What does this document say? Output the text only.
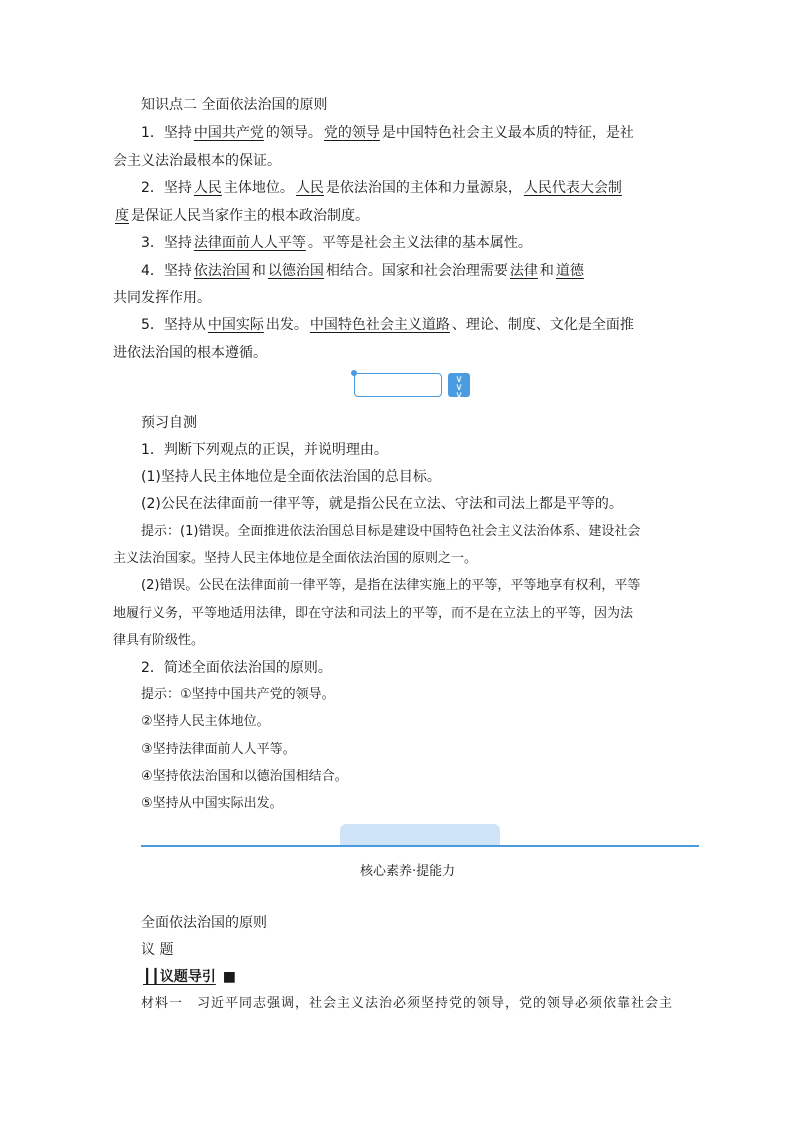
知识点二 全面依法治国的原则
1．坚持 中国共产党 的领导。 党的领导 是中国特色社会主义最本质的特征，是社
会主义法治最根本的保证。
2．坚持 人民 主体地位。 人民 是依法治国的主体和力量源泉， 人民代表大会制
度 是保证人民当家作主的根本政治制度。
3．坚持 法律面前人人平等 。平等是社会主义法律的基本属性。
4．坚持 依法治国 和 以德治国 相结合。国家和社会治理需要 法律 和 道德
共同发挥作用。
5．坚持从 中国实际 出发。 中国特色社会主义道路 、理论、制度、文化是全面推
进依法治国的根本遵循。
∨
∨
∨
预习自测
1．判断下列观点的正误，并说明理由。
(1)坚持人民主体地位是全面依法治国的总目标。
(2)公民在法律面前一律平等，就是指公民在立法、守法和司法上都是平等的。
提示：(1)错误。全面推进依法治国总目标是建设中国特色社会主义法治体系、建设社会
主义法治国家。坚持人民主体地位是全面依法治国的原则之一。
(2)错误。公民在法律面前一律平等，是指在法律实施上的平等，平等地享有权利，平等
地履行义务，平等地适用法律，即在守法和司法上的平等，而不是在立法上的平等，因为法
律具有阶级性。
2．简述全面依法治国的原则。
提示：①坚持中国共产党的领导。
②坚持人民主体地位。
③坚持法律面前人人平等。
④坚持依法治国和以德治国相结合。
⑤坚持从中国实际出发。
核心素养·提能力
全面依法治国的原则
议 题
┃┃议题导引 ■
材料一　习近平同志强调，社会主义法治必须坚持党的领导，党的领导必须依靠社会主
